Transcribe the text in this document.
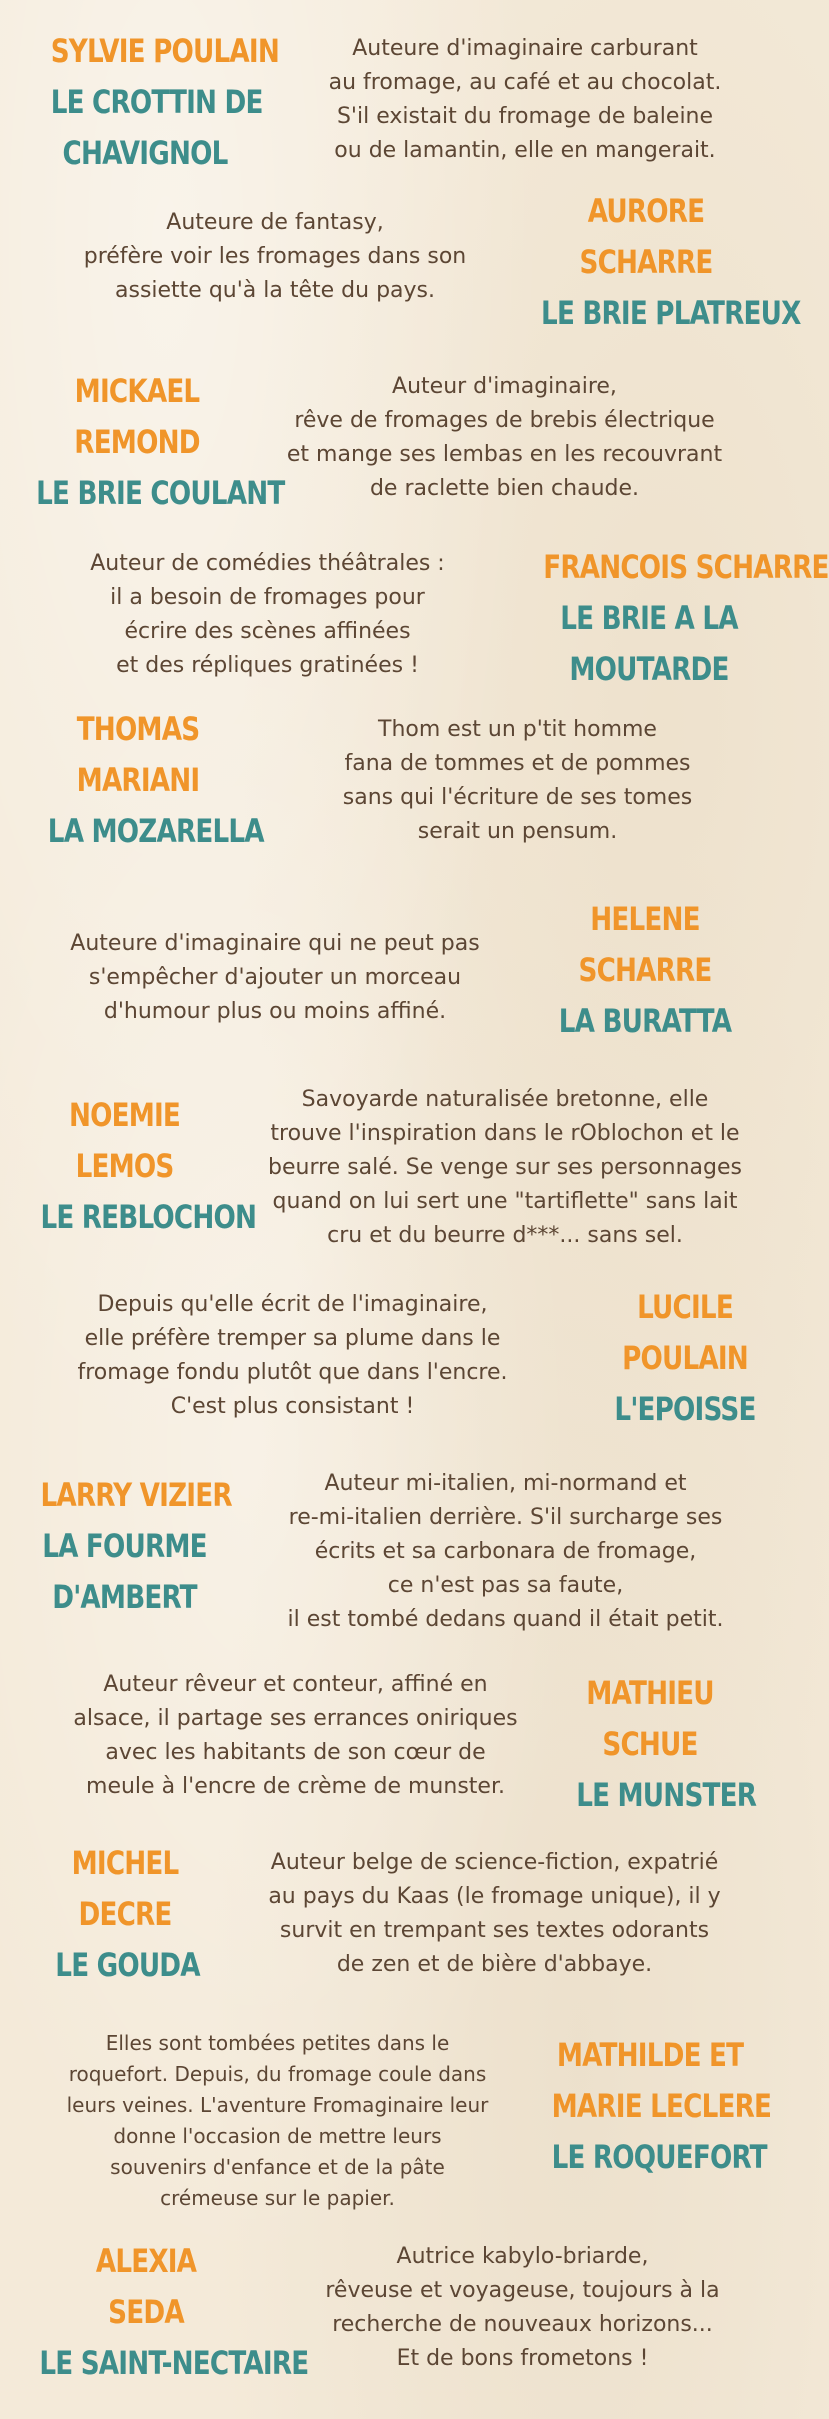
SYLVIE POULAIN
LE CROTTIN DE
CHAVIGNOL
Auteure d'imaginaire carburant
au fromage, au café et au chocolat.
S'il existait du fromage de baleine
ou de lamantin, elle en mangerait.
Auteure de fantasy,
préfère voir les fromages dans son
assiette qu'à la tête du pays.
AURORE
SCHARRE
LE BRIE PLATREUX
MICKAEL
REMOND
LE BRIE COULANT
Auteur d'imaginaire,
rêve de fromages de brebis électrique
et mange ses lembas en les recouvrant
de raclette bien chaude.
Auteur de comédies théâtrales :
il a besoin de fromages pour
écrire des scènes affinées
et des répliques gratinées !
FRANCOIS SCHARRE
LE BRIE A LA
MOUTARDE
THOMAS
MARIANI
LA MOZARELLA
Thom est un p'tit homme
fana de tommes et de pommes
sans qui l'écriture de ses tomes
serait un pensum.
Auteure d'imaginaire qui ne peut pas
s'empêcher d'ajouter un morceau
d'humour plus ou moins affiné.
HELENE
SCHARRE
LA BURATTA
NOEMIE
LEMOS
LE REBLOCHON
Savoyarde naturalisée bretonne, elle
trouve l'inspiration dans le rOblochon et le
beurre salé. Se venge sur ses personnages
quand on lui sert une "tartiflette" sans lait
cru et du beurre d***... sans sel.
Depuis qu'elle écrit de l'imaginaire,
elle préfère tremper sa plume dans le
fromage fondu plutôt que dans l'encre.
C'est plus consistant !
LUCILE
POULAIN
L'EPOISSE
LARRY VIZIER
LA FOURME
D'AMBERT
Auteur mi-italien, mi-normand et
re-mi-italien derrière. S'il surcharge ses
écrits et sa carbonara de fromage,
ce n'est pas sa faute,
il est tombé dedans quand il était petit.
Auteur rêveur et conteur, affiné en
alsace, il partage ses errances oniriques
avec les habitants de son cœur de
meule à l'encre de crème de munster.
MATHIEU
SCHUE
LE MUNSTER
MICHEL
DECRE
LE GOUDA
Auteur belge de science-fiction, expatrié
au pays du Kaas (le fromage unique), il y
survit en trempant ses textes odorants
de zen et de bière d'abbaye.
Elles sont tombées petites dans le
roquefort. Depuis, du fromage coule dans
leurs veines. L'aventure Fromaginaire leur
donne l'occasion de mettre leurs
souvenirs d'enfance et de la pâte
crémeuse sur le papier.
MATHILDE ET
MARIE LECLERE
LE ROQUEFORT
ALEXIA
SEDA
LE SAINT-NECTAIRE
Autrice kabylo-briarde,
rêveuse et voyageuse, toujours à la
recherche de nouveaux horizons...
Et de bons frometons !
